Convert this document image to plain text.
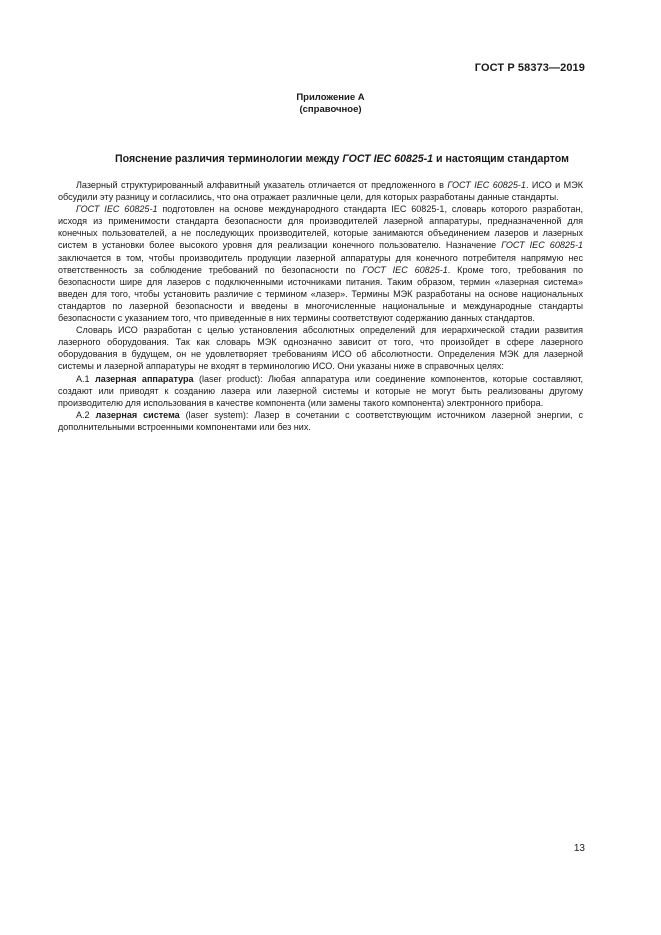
ГОСТ Р 58373—2019
Приложение А
(справочное)
Пояснение различия терминологии между ГОСТ IEC 60825-1 и настоящим стандартом

Лазерный структурированный алфавитный указатель отличается от предложенного в ГОСТ IEC 60825-1. ИСО и МЭК обсудили эту разницу и согласились, что она отражает различные цели, для которых разработаны данные стандарты.

ГОСТ IEC 60825-1 подготовлен на основе международного стандарта IEC 60825-1, словарь которого разработан, исходя из применимости стандарта безопасности для производителей лазерной аппаратуры, предназначенной для конечных пользователей, а не последующих производителей, которые занимаются объединением лазеров и лазерных систем в установки более высокого уровня для реализации конечного пользователю. Назначение ГОСТ IEC 60825-1 заключается в том, чтобы производитель продукции лазерной аппаратуры для конечного потребителя напрямую нес ответственность за соблюдение требований по безопасности по ГОСТ IEC 60825-1. Кроме того, требования по безопасности шире для лазеров с подключенными источниками питания. Таким образом, термин «лазерная система» введен для того, чтобы установить различие с термином «лазер». Термины МЭК разработаны на основе национальных стандартов по лазерной безопасности и введены в многочисленные национальные и международные стандарты безопасности с указанием того, что приведенные в них термины соответствуют содержанию данных стандартов.

Словарь ИСО разработан с целью установления абсолютных определений для иерархической стадии развития лазерного оборудования. Так как словарь МЭК однозначно зависит от того, что произойдет в сфере лазерного оборудования в будущем, он не удовлетворяет требованиям ИСО об абсолютности. Определения МЭК для лазерной системы и лазерной аппаратуры не входят в терминологию ИСО. Они указаны ниже в справочных целях:

А.1 лазерная аппаратура (laser product): Любая аппаратура или соединение компонентов, которые составляют, создают или приводят к созданию лазера или лазерной системы и которые не могут быть реализованы другому производителю для использования в качестве компонента (или замены такого компонента) электронного прибора.

А.2 лазерная система (laser system): Лазер в сочетании с соответствующим источником лазерной энергии, с дополнительными встроенными компонентами или без них.

13
